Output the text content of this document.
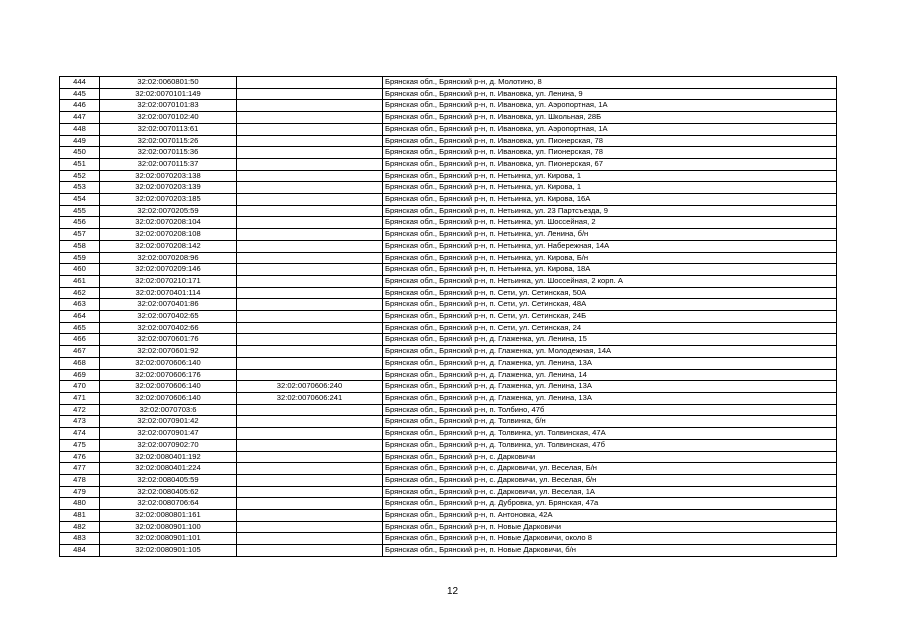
444	32:02:0060801:50		Брянская обл., Брянский р-н, д. Молотино, 8
445	32:02:0070101:149		Брянская обл., Брянский р-н, п. Ивановка, ул. Ленина, 9
446	32:02:0070101:83		Брянская обл., Брянский р-н, п. Ивановка, ул. Аэропортная, 1А
447	32:02:0070102:40		Брянская обл., Брянский р-н, п. Ивановка, ул. Школьная, 28Б
448	32:02:0070113:61		Брянская обл., Брянский р-н, п. Ивановка, ул. Аэропортная, 1А
449	32:02:0070115:26		Брянская обл., Брянский р-н, п. Ивановка, ул. Пионерская, 78
450	32:02:0070115:36		Брянская обл., Брянский р-н, п. Ивановка, ул. Пионерская, 78
451	32:02:0070115:37		Брянская обл., Брянский р-н, п. Ивановка, ул. Пионерская, 67
452	32:02:0070203:138		Брянская обл., Брянский р-н, п. Нетьинка, ул. Кирова, 1
453	32:02:0070203:139		Брянская обл., Брянский р-н, п. Нетьинка, ул. Кирова, 1
454	32:02:0070203:185		Брянская обл., Брянский р-н, п. Нетьинка, ул. Кирова, 16А
455	32:02:0070205:59		Брянская обл., Брянский р-н, п. Нетьинка, ул. 23 Партсъезда, 9
456	32:02:0070208:104		Брянская обл., Брянский р-н, п. Нетьинка, ул. Шоссейная, 2
457	32:02:0070208:108		Брянская обл., Брянский р-н, п. Нетьинка, ул. Ленина, б/н
458	32:02:0070208:142		Брянская обл., Брянский р-н, п. Нетьинка, ул. Набережная, 14А
459	32:02:0070208:96		Брянская обл., Брянский р-н, п. Нетьинка, ул. Кирова, Б/н
460	32:02:0070209:146		Брянская обл., Брянский р-н, п. Нетьинка, ул. Кирова, 18А
461	32:02:0070210:171		Брянская обл., Брянский р-н, п. Нетьинка, ул. Шоссейная, 2 корп. А
462	32:02:0070401:114		Брянская обл., Брянский р-н, п. Сети, ул. Сетинская, 50А
463	32:02:0070401:86		Брянская обл., Брянский р-н, п. Сети, ул. Сетинская, 48А
464	32:02:0070402:65		Брянская обл., Брянский р-н, п. Сети, ул. Сетинская, 24Б
465	32:02:0070402:66		Брянская обл., Брянский р-н, п. Сети, ул. Сетинская, 24
466	32:02:0070601:76		Брянская обл., Брянский р-н, д. Глаженка, ул. Ленина, 15
467	32:02:0070601:92		Брянская обл., Брянский р-н, д. Глаженка, ул. Молодежная, 14А
468	32:02:0070606:140		Брянская обл., Брянский р-н, д. Глаженка, ул. Ленина, 13А
469	32:02:0070606:176		Брянская обл., Брянский р-н, д. Глаженка, ул. Ленина, 14
470	32:02:0070606:140	32:02:0070606:240	Брянская обл., Брянский р-н, д. Глаженка, ул. Ленина, 13А
471	32:02:0070606:140	32:02:0070606:241	Брянская обл., Брянский р-н, д. Глаженка, ул. Ленина, 13А
472	32:02:0070703:6		Брянская обл., Брянский р-н, п. Толбино, 47б
473	32:02:0070901:42		Брянская обл., Брянский р-н, д. Толвинка, б/н
474	32:02:0070901:47		Брянская обл., Брянский р-н, д. Толвинка, ул. Толвинская, 47А
475	32:02:0070902:70		Брянская обл., Брянский р-н, д. Толвинка, ул. Толвинская, 47б
476	32:02:0080401:192		Брянская обл., Брянский р-н, с. Дарковичи
477	32:02:0080401:224		Брянская обл., Брянский р-н, с. Дарковичи, ул. Веселая, Б/н
478	32:02:0080405:59		Брянская обл., Брянский р-н, с. Дарковичи, ул. Веселая, б/н
479	32:02:0080405:62		Брянская обл., Брянский р-н, с. Дарковичи, ул. Веселая, 1А
480	32:02:0080706:64		Брянская обл., Брянский р-н, д. Дубровка, ул. Брянская, 47а
481	32:02:0080801:161		Брянская обл., Брянский р-н, п. Антоновка, 42А
482	32:02:0080901:100		Брянская обл., Брянский р-н, п. Новые Дарковичи
483	32:02:0080901:101		Брянская обл., Брянский р-н, п. Новые Дарковичи, около 8
484	32:02:0080901:105		Брянская обл., Брянский р-н, п. Новые Дарковичи, б/н
12
